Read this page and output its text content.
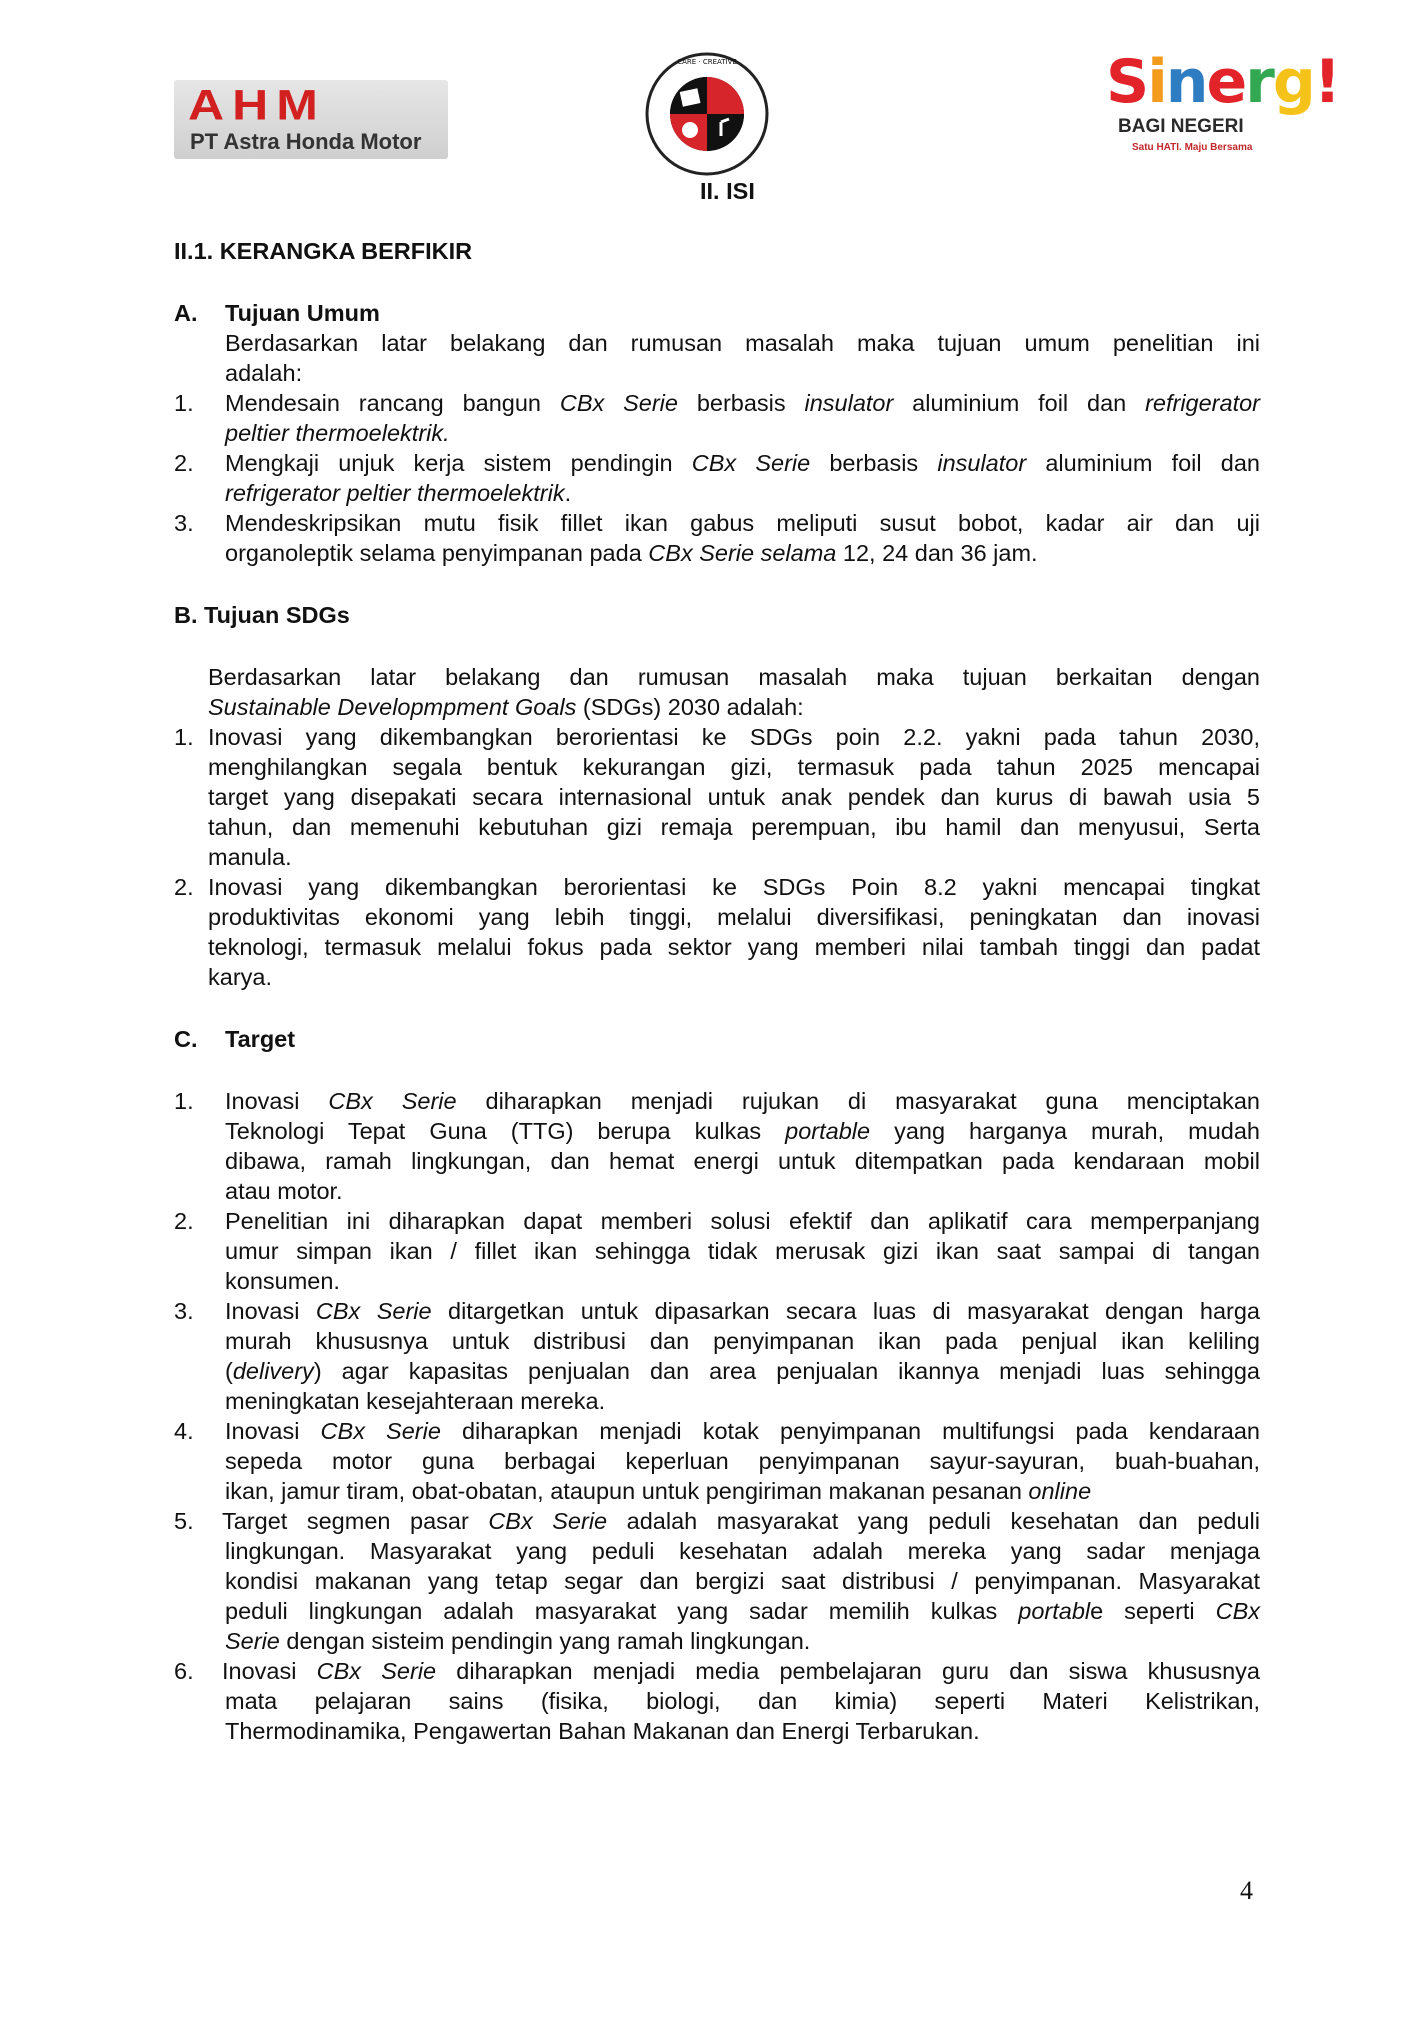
AHM
PT Astra Honda Motor
CARE · CREATIVE	Sinerg!
BAGI NEGERI
Satu HATI. Maju Bersama
II. ISI
II.1. KERANGKA BERFIKIR
A. Tujuan Umum
Berdasarkan latar belakang dan rumusan masalah maka tujuan umum penelitian ini
adalah:
1. Mendesain rancang bangun CBx Serie berbasis insulator aluminium foil dan refrigerator
peltier thermoelektrik.
2. Mengkaji unjuk kerja sistem pendingin CBx Serie berbasis insulator aluminium foil dan
refrigerator peltier thermoelektrik.
3. Mendeskripsikan mutu fisik fillet ikan gabus meliputi susut bobot, kadar air dan uji
organoleptik selama penyimpanan pada CBx Serie selama 12, 24 dan 36 jam.
B. Tujuan SDGs
Berdasarkan latar belakang dan rumusan masalah maka tujuan berkaitan dengan
Sustainable Developmpment Goals (SDGs) 2030 adalah:
1. Inovasi yang dikembangkan berorientasi ke SDGs poin 2.2. yakni pada tahun 2030,
menghilangkan segala bentuk kekurangan gizi, termasuk pada tahun 2025 mencapai
target yang disepakati secara internasional untuk anak pendek dan kurus di bawah usia 5
tahun, dan memenuhi kebutuhan gizi remaja perempuan, ibu hamil dan menyusui, Serta
manula.
2. Inovasi yang dikembangkan berorientasi ke SDGs Poin 8.2 yakni mencapai tingkat
produktivitas ekonomi yang lebih tinggi, melalui diversifikasi, peningkatan dan inovasi
teknologi, termasuk melalui fokus pada sektor yang memberi nilai tambah tinggi dan padat
karya.
C. Target
1. Inovasi CBx Serie diharapkan menjadi rujukan di masyarakat guna menciptakan
Teknologi Tepat Guna (TTG) berupa kulkas portable yang harganya murah, mudah
dibawa, ramah lingkungan, dan hemat energi untuk ditempatkan pada kendaraan mobil
atau motor.
2. Penelitian ini diharapkan dapat memberi solusi efektif dan aplikatif cara memperpanjang
umur simpan ikan / fillet ikan sehingga tidak merusak gizi ikan saat sampai di tangan
konsumen.
3. Inovasi CBx Serie ditargetkan untuk dipasarkan secara luas di masyarakat dengan harga
murah khususnya untuk distribusi dan penyimpanan ikan pada penjual ikan keliling
(delivery) agar kapasitas penjualan dan area penjualan ikannya menjadi luas sehingga
meningkatan kesejahteraan mereka.
4. Inovasi CBx Serie diharapkan menjadi kotak penyimpanan multifungsi pada kendaraan
sepeda motor guna berbagai keperluan penyimpanan sayur-sayuran, buah-buahan,
ikan, jamur tiram, obat-obatan, ataupun untuk pengiriman makanan pesanan online
5. Target segmen pasar CBx Serie adalah masyarakat yang peduli kesehatan dan peduli
lingkungan. Masyarakat yang peduli kesehatan adalah mereka yang sadar menjaga
kondisi makanan yang tetap segar dan bergizi saat distribusi / penyimpanan. Masyarakat
peduli lingkungan adalah masyarakat yang sadar memilih kulkas portable seperti CBx
Serie dengan sisteim pendingin yang ramah lingkungan.
6. Inovasi CBx Serie diharapkan menjadi media pembelajaran guru dan siswa khususnya
mata pelajaran sains (fisika, biologi, dan kimia) seperti Materi Kelistrikan,
Thermodinamika, Pengawertan Bahan Makanan dan Energi Terbarukan.
4
